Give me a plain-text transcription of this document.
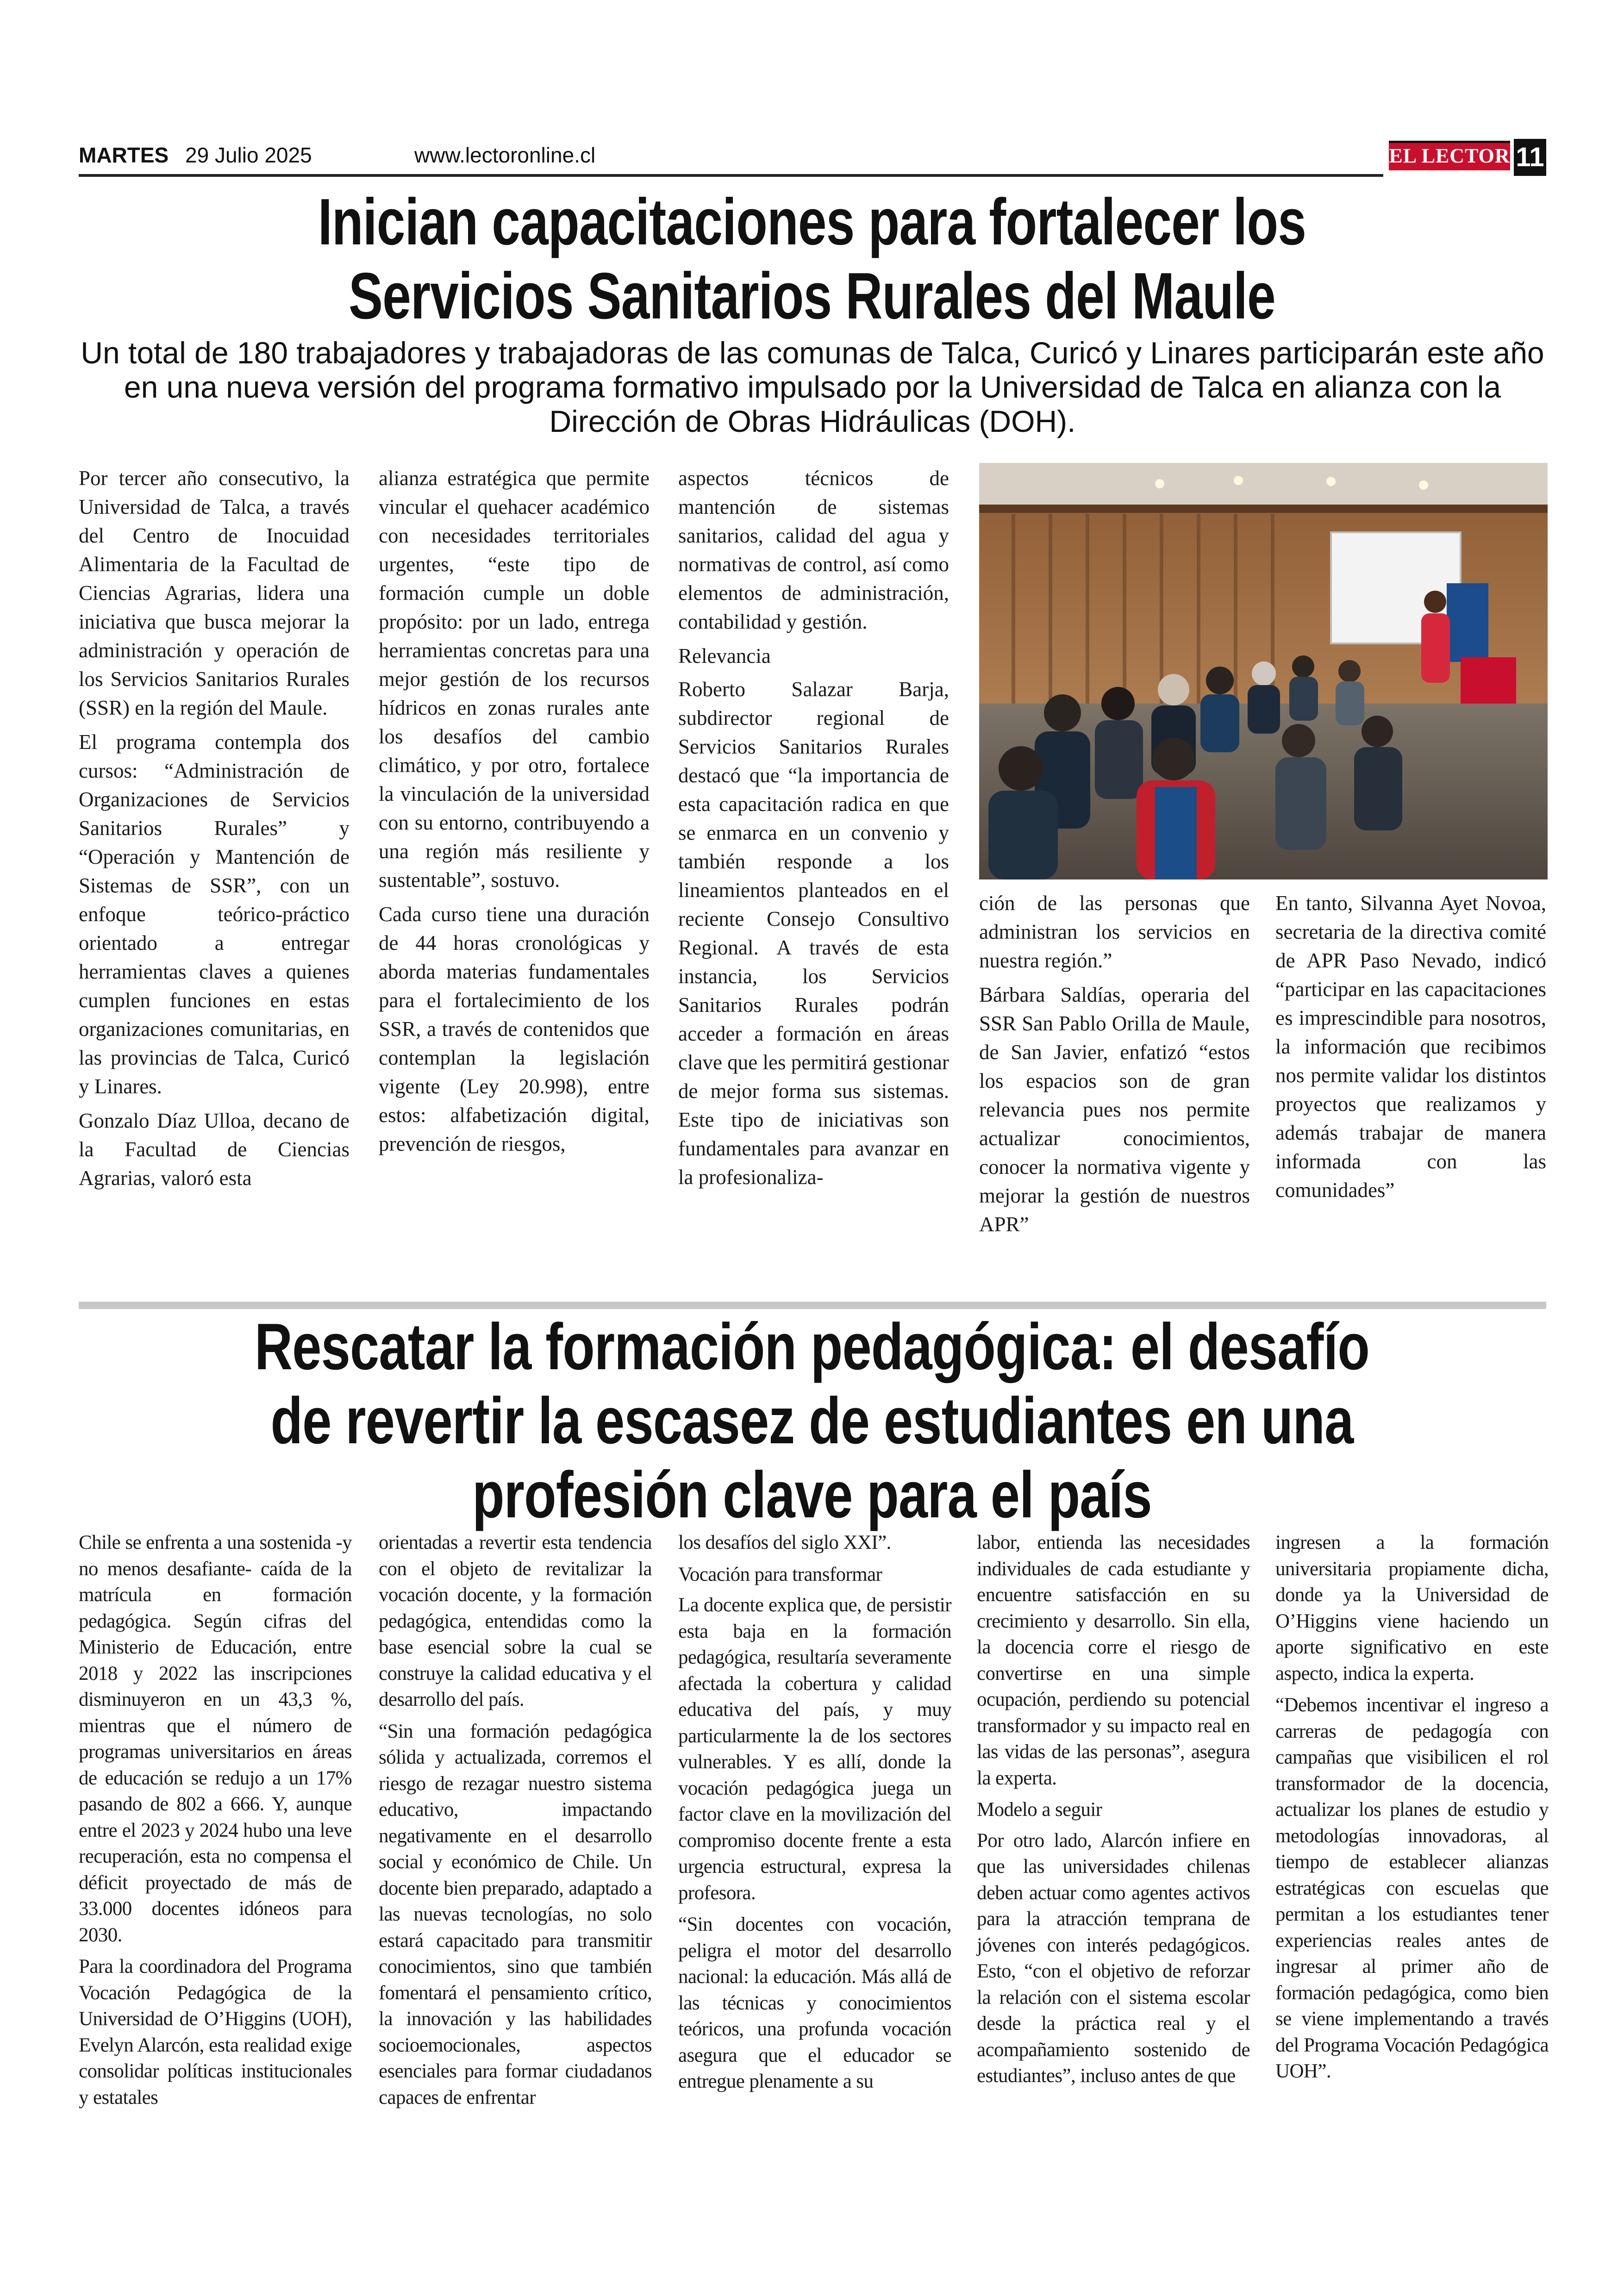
MARTES 29 Julio 2025	www.lectoronline.cl	EL LECTOR 11
Inician capacitaciones para fortalecer los Servicios Sanitarios Rurales del Maule
Un total de 180 trabajadores y trabajadoras de las comunas de Talca, Curicó y Linares participarán este año en una nueva versión del programa formativo impulsado por la Universidad de Talca en alianza con la Dirección de Obras Hidráulicas (DOH).

Por tercer año consecutivo, la Universidad de Talca, a través del Centro de Inocuidad Alimentaria de la Facultad de Ciencias Agrarias, lidera una iniciativa que busca mejorar la administración y operación de los Servicios Sanitarios Rurales (SSR) en la región del Maule.

El programa contempla dos cursos: “Administración de Organizaciones de Servicios Sanitarios Rurales” y “Operación y Mantención de Sistemas de SSR”, con un enfoque teórico-práctico orientado a entregar herramientas claves a quienes cumplen funciones en estas organizaciones comunitarias, en las provincias de Talca, Curicó y Linares.

Gonzalo Díaz Ulloa, decano de la Facultad de Ciencias Agrarias, valoró esta

alianza estratégica que permite vincular el quehacer académico con necesidades territoriales urgentes, “este tipo de formación cumple un doble propósito: por un lado, entrega herramientas concretas para una mejor gestión de los recursos hídricos en zonas rurales ante los desafíos del cambio climático, y por otro, fortalece la vinculación de la universidad con su entorno, contribuyendo a una región más resiliente y sustentable”, sostuvo.

Cada curso tiene una duración de 44 horas cronológicas y aborda materias fundamentales para el fortalecimiento de los SSR, a través de contenidos que contemplan la legislación vigente (Ley 20.998), entre estos: alfabetización digital, prevención de riesgos,

aspectos técnicos de mantención de sistemas sanitarios, calidad del agua y normativas de control, así como elementos de administración, contabilidad y gestión.

Relevancia

Roberto Salazar Barja, subdirector regional de Servicios Sanitarios Rurales destacó que “la importancia de esta capacitación radica en que se enmarca en un convenio y también responde a los lineamientos planteados en el reciente Consejo Consultivo Regional. A través de esta instancia, los Servicios Sanitarios Rurales podrán acceder a formación en áreas clave que les permitirá gestionar de mejor forma sus sistemas. Este tipo de iniciativas son fundamentales para avanzar en la profesionaliza-

ción de las personas que administran los servicios en nuestra región.”

Bárbara Saldías, operaria del SSR San Pablo Orilla de Maule, de San Javier, enfatizó “estos los espacios son de gran relevancia pues nos permite actualizar conocimientos, conocer la normativa vigente y mejorar la gestión de nuestros APR”

En tanto, Silvanna Ayet Novoa, secretaria de la directiva comité de APR Paso Nevado, indicó “participar en las capacitaciones es imprescindible para nosotros, la información que recibimos nos permite validar los distintos proyectos que realizamos y además trabajar de manera informada con las comunidades”

Rescatar la formación pedagógica: el desafío de revertir la escasez de estudiantes en una profesión clave para el país

Chile se enfrenta a una sostenida -y no menos desafiante- caída de la matrícula en formación pedagógica. Según cifras del Ministerio de Educación, entre 2018 y 2022 las inscripciones disminuyeron en un 43,3 %, mientras que el número de programas universitarios en áreas de educación se redujo a un 17% pasando de 802 a 666. Y, aunque entre el 2023 y 2024 hubo una leve recuperación, esta no compensa el déficit proyectado de más de 33.000 docentes idóneos para 2030.

Para la coordinadora del Programa Vocación Pedagógica de la Universidad de O’Higgins (UOH), Evelyn Alarcón, esta realidad exige consolidar políticas institucionales y estatales

orientadas a revertir esta tendencia con el objeto de revitalizar la vocación docente, y la formación pedagógica, entendidas como la base esencial sobre la cual se construye la calidad educativa y el desarrollo del país.

“Sin una formación pedagógica sólida y actualizada, corremos el riesgo de rezagar nuestro sistema educativo, impactando negativamente en el desarrollo social y económico de Chile. Un docente bien preparado, adaptado a las nuevas tecnologías, no solo estará capacitado para transmitir conocimientos, sino que también fomentará el pensamiento crítico, la innovación y las habilidades socioemocionales, aspectos esenciales para formar ciudadanos capaces de enfrentar

los desafíos del siglo XXI”.

Vocación para transformar

La docente explica que, de persistir esta baja en la formación pedagógica, resultaría severamente afectada la cobertura y calidad educativa del país, y muy particularmente la de los sectores vulnerables. Y es allí, donde la vocación pedagógica juega un factor clave en la movilización del compromiso docente frente a esta urgencia estructural, expresa la profesora.

“Sin docentes con vocación, peligra el motor del desarrollo nacional: la educación. Más allá de las técnicas y conocimientos teóricos, una profunda vocación asegura que el educador se entregue plenamente a su

labor, entienda las necesidades individuales de cada estudiante y encuentre satisfacción en su crecimiento y desarrollo. Sin ella, la docencia corre el riesgo de convertirse en una simple ocupación, perdiendo su potencial transformador y su impacto real en las vidas de las personas”, asegura la experta.

Modelo a seguir

Por otro lado, Alarcón infiere en que las universidades chilenas deben actuar como agentes activos para la atracción temprana de jóvenes con interés pedagógicos. Esto, “con el objetivo de reforzar la relación con el sistema escolar desde la práctica real y el acompañamiento sostenido de estudiantes”, incluso antes de que

ingresen a la formación universitaria propiamente dicha, donde ya la Universidad de O’Higgins viene haciendo un aporte significativo en este aspecto, indica la experta.

“Debemos incentivar el ingreso a carreras de pedagogía con campañas que visibilicen el rol transformador de la docencia, actualizar los planes de estudio y metodologías innovadoras, al tiempo de establecer alianzas estratégicas con escuelas que permitan a los estudiantes tener experiencias reales antes de ingresar al primer año de formación pedagógica, como bien se viene implementando a través del Programa Vocación Pedagógica UOH”.
